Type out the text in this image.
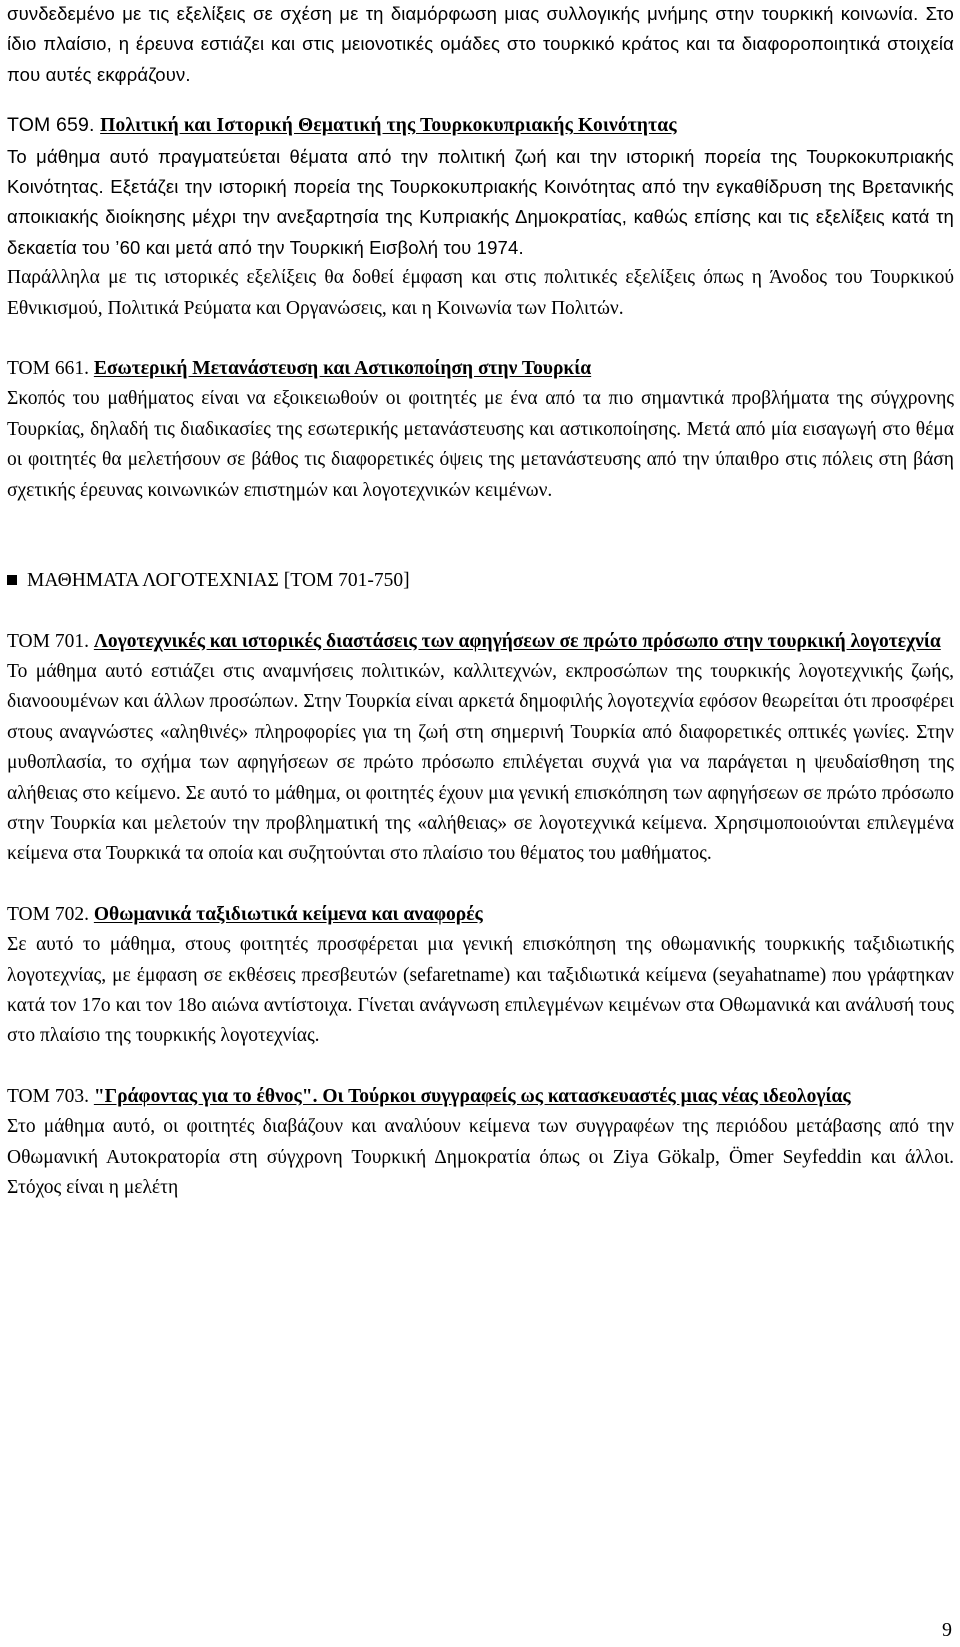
συνδεδεμένο με τις εξελίξεις σε σχέση με τη διαμόρφωση μιας συλλογικής μνήμης στην τουρκική κοινωνία. Στο ίδιο πλαίσιο, η έρευνα εστιάζει και στις μειονοτικές ομάδες στο τουρκικό κράτος και τα διαφοροποιητικά στοιχεία που αυτές εκφράζουν.

TOM 659. Πολιτική και Ιστορική Θεματική της Τουρκοκυπριακής Κοινότητας

Το μάθημα αυτό πραγματεύεται θέματα από την πολιτική ζωή και την ιστορική πορεία της Τουρκοκυπριακής Κοινότητας. Εξετάζει την ιστορική πορεία της Τουρκοκυπριακής Κοινότητας από την εγκαθίδρυση της Βρετανικής αποικιακής διοίκησης μέχρι την ανεξαρτησία της Κυπριακής Δημοκρατίας, καθώς επίσης και τις εξελίξεις κατά τη δεκαετία του ’60 και μετά από την Τουρκική Εισβολή του 1974.

Παράλληλα με τις ιστορικές εξελίξεις θα δοθεί έμφαση και στις πολιτικές εξελίξεις όπως η Άνοδος του Τουρκικού Εθνικισμού, Πολιτικά Ρεύματα και Οργανώσεις, και η Κοινωνία των Πολιτών.

TOM 661. Εσωτερική Μετανάστευση και Αστικοποίηση στην Τουρκία

Σκοπός του μαθήματος είναι να εξοικειωθούν οι φοιτητές με ένα από τα πιο σημαντικά προβλήματα της σύγχρονης Τουρκίας, δηλαδή τις διαδικασίες της εσωτερικής μετανάστευσης και αστικοποίησης. Μετά από μία εισαγωγή στο θέμα οι φοιτητές θα μελετήσουν σε βάθος τις διαφορετικές όψεις της μετανάστευσης από την ύπαιθρο στις πόλεις στη βάση σχετικής έρευνας κοινωνικών επιστημών και λογοτεχνικών κειμένων.

ΜΑΘΗΜΑΤΑ ΛΟΓΟΤΕΧΝΙΑΣ [TOM 701-750]

TOM 701. Λογοτεχνικές και ιστορικές διαστάσεις των αφηγήσεων σε πρώτο πρόσωπο στην τουρκική λογοτεχνία

Το μάθημα αυτό εστιάζει στις αναμνήσεις πολιτικών, καλλιτεχνών, εκπροσώπων της τουρκικής λογοτεχνικής ζωής, διανοουμένων και άλλων προσώπων. Στην Τουρκία είναι αρκετά δημοφιλής λογοτεχνία εφόσον θεωρείται ότι προσφέρει στους αναγνώστες «αληθινές» πληροφορίες για τη ζωή στη σημερινή Τουρκία από διαφορετικές οπτικές γωνίες. Στην μυθοπλασία, το σχήμα των αφηγήσεων σε πρώτο πρόσωπο επιλέγεται συχνά για να παράγεται η ψευδαίσθηση της αλήθειας στο κείμενο. Σε αυτό το μάθημα, οι φοιτητές έχουν μια γενική επισκόπηση των αφηγήσεων σε πρώτο πρόσωπο στην Τουρκία και μελετούν την προβληματική της «αλήθειας» σε λογοτεχνικά κείμενα. Χρησιμοποιούνται επιλεγμένα κείμενα στα Τουρκικά τα οποία και συζητούνται στο πλαίσιο του θέματος του μαθήματος.

TOM 702. Οθωμανικά ταξιδιωτικά κείμενα και αναφορές

Σε αυτό το μάθημα, στους φοιτητές προσφέρεται μια γενική επισκόπηση της οθωμανικής τουρκικής ταξιδιωτικής λογοτεχνίας, με έμφαση σε εκθέσεις πρεσβευτών (sefaretname) και ταξιδιωτικά κείμενα (seyahatname) που γράφτηκαν κατά τον 17ο και τον 18ο αιώνα αντίστοιχα. Γίνεται ανάγνωση επιλεγμένων κειμένων στα Οθωμανικά και ανάλυσή τους στο πλαίσιο της τουρκικής λογοτεχνίας.

TOM 703. "Γράφοντας για το έθνος". Οι Τούρκοι συγγραφείς ως κατασκευαστές μιας νέας ιδεολογίας

Στο μάθημα αυτό, οι φοιτητές διαβάζουν και αναλύουν κείμενα των συγγραφέων της περιόδου μετάβασης από την Οθωμανική Αυτοκρατορία στη σύγχρονη Τουρκική Δημοκρατία όπως οι Ziya Gökalp, Ömer Seyfeddin και άλλοι. Στόχος είναι η μελέτη

9
